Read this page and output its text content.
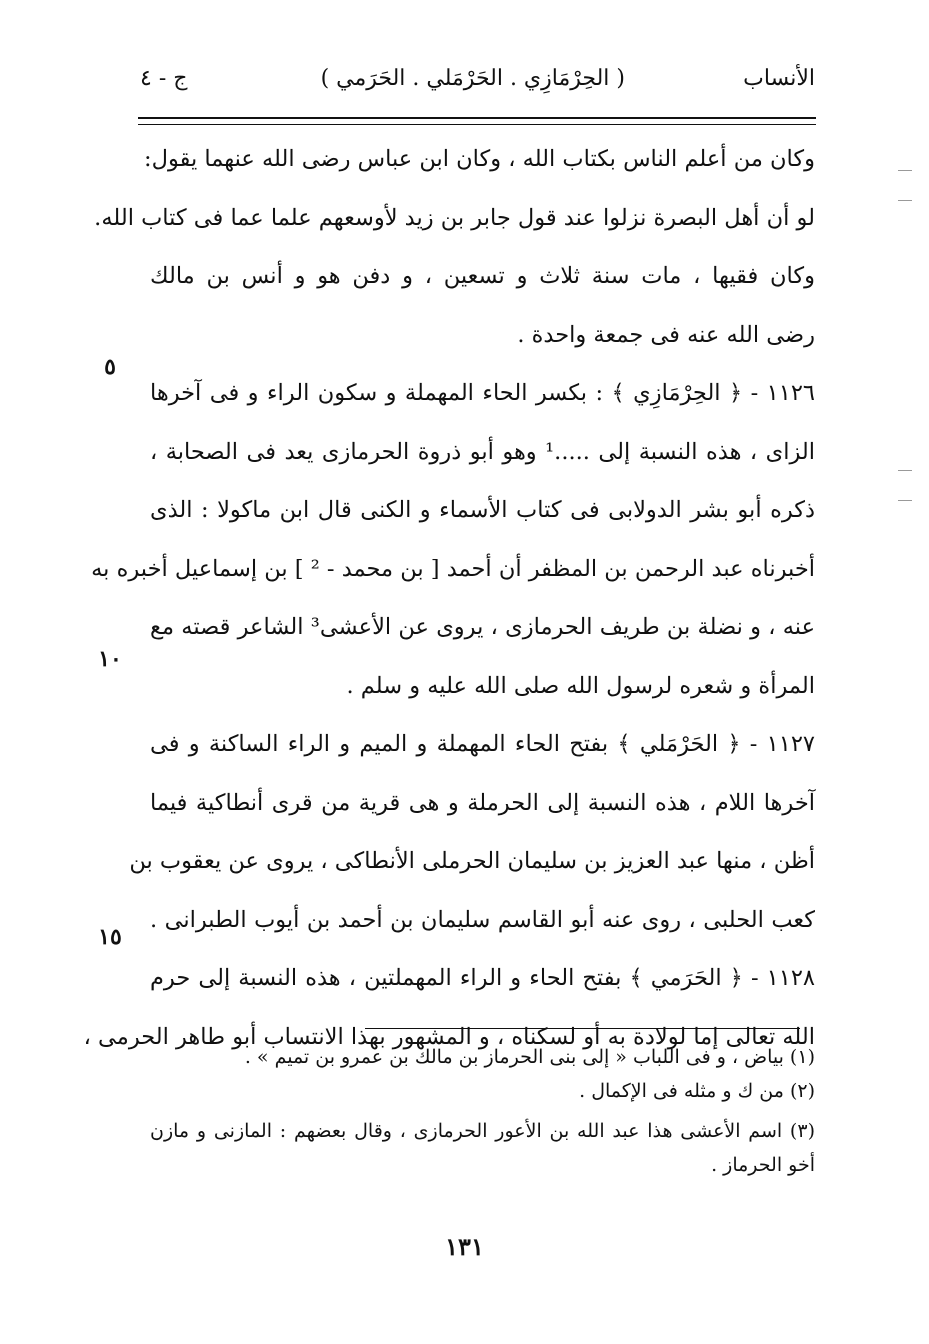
الأنساب
( الحِرْمَازِي . الحَرْمَلي . الحَرَمي )
ج - ٤
وكان من أعلم الناس بكتاب الله ، وكان ابن عباس رضى الله عنهما يقول:
لو أن أهل البصرة نزلوا عند قول جابر بن زيد لأوسعهم علما عما فى كتاب الله.
وكان فقيها ، مات سنة ثلاث و تسعين ، و دفن هو و أنس بن مالك
رضى الله عنه فى جمعة واحدة .
١١٢٦ - ﴿ الحِرْمَازِي ﴾ : بكسر الحاء المهملة و سكون الراء و فى آخرها
الزاى ، هذه النسبة إلى .....¹ وهو أبو ذروة الحرمازى يعد فى الصحابة ،
ذكره أبو بشر الدولابى فى كتاب الأسماء و الكنى قال ابن ماكولا : الذى
أخبرناه عبد الرحمن بن المظفر أن أحمد [ بن محمد - ² ] بن إسماعيل أخبره به
عنه ، و نضلة بن طريف الحرمازى ، يروى عن الأعشى³ الشاعر قصته مع
المرأة و شعره لرسول الله صلى الله عليه و سلم .
١١٢٧ - ﴿ الحَرْمَلي ﴾ بفتح الحاء المهملة و الميم و الراء الساكنة و فى
آخرها اللام ، هذه النسبة إلى الحرملة و هى قرية من قرى أنطاكية فيما
أظن ، منها عبد العزيز بن سليمان الحرملى الأنطاكى ، يروى عن يعقوب بن
كعب الحلبى ، روى عنه أبو القاسم سليمان بن أحمد بن أيوب الطبرانى .
١١٢٨ - ﴿ الحَرَمي ﴾ بفتح الحاء و الراء المهملتين ، هذه النسبة إلى حرم
الله تعالى إما لولادة به أو لسكناه ، و المشهور بهذا الانتساب أبو طاهر الحرمى ،
٥
١٠
١٥
(١) بياض ، و فى اللباب « إلى بنى الحرماز بن مالك بن عمرو بن تميم » .
(٢) من ك و مثله فى الإكمال .
(٣) اسم الأعشى هذا عبد الله بن الأعور الحرمازى ، وقال بعضهم : المازنى و مازن
أخو الحرماز .
١٣١
